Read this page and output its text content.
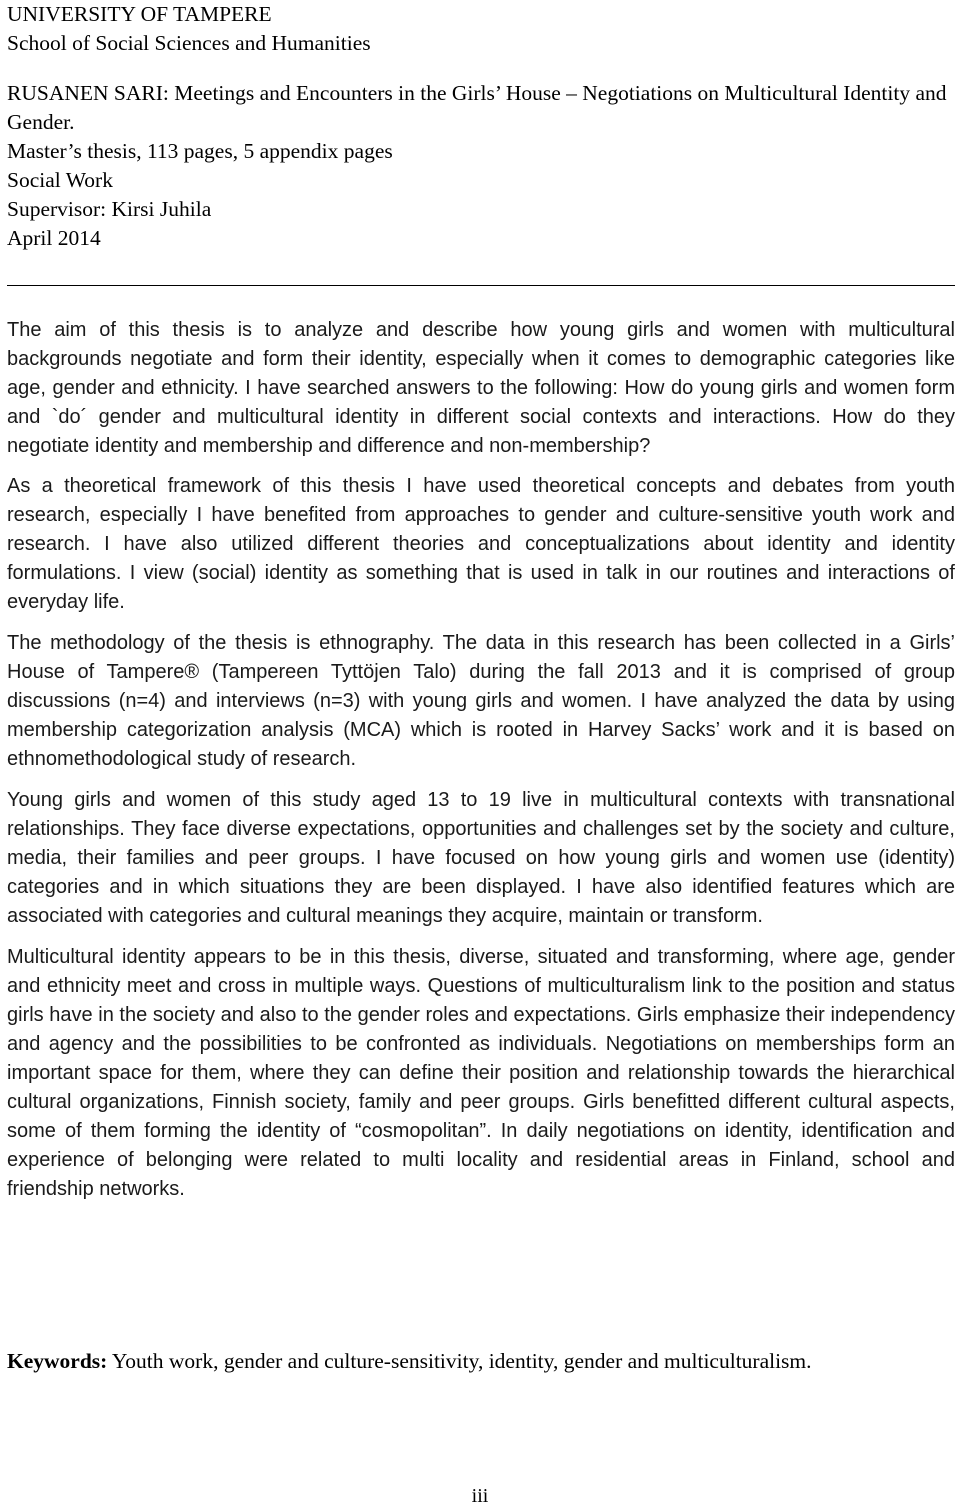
UNIVERSITY OF TAMPERE
School of Social Sciences and Humanities
RUSANEN SARI: Meetings and Encounters in the Girls’ House – Negotiations on Multicultural Identity and Gender.
Master’s thesis, 113 pages, 5 appendix pages
Social Work
Supervisor: Kirsi Juhila
April 2014

The aim of this thesis is to analyze and describe how young girls and women with multicultural backgrounds negotiate and form their identity, especially when it comes to demographic categories like age, gender and ethnicity. I have searched answers to the following: How do young girls and women form and `do´ gender and multicultural identity in different social contexts and interactions. How do they negotiate identity and membership and difference and non-membership?

As a theoretical framework of this thesis I have used theoretical concepts and debates from youth research, especially I have benefited from approaches to gender and culture-sensitive youth work and research. I have also utilized different theories and conceptualizations about identity and identity formulations. I view (social) identity as something that is used in talk in our routines and interactions of everyday life.

The methodology of the thesis is ethnography. The data in this research has been collected in a Girls’ House of Tampere® (Tampereen Tyttöjen Talo) during the fall 2013 and it is comprised of group discussions (n=4) and interviews (n=3) with young girls and women. I have analyzed the data by using membership categorization analysis (MCA) which is rooted in Harvey Sacks’ work and it is based on ethnomethodological study of research.

Young girls and women of this study aged 13 to 19 live in multicultural contexts with transnational relationships. They face diverse expectations, opportunities and challenges set by the society and culture, media, their families and peer groups. I have focused on how young girls and women use (identity) categories and in which situations they are been displayed. I have also identified features which are associated with categories and cultural meanings they acquire, maintain or transform.

Multicultural identity appears to be in this thesis, diverse, situated and transforming, where age, gender and ethnicity meet and cross in multiple ways. Questions of multiculturalism link to the position and status girls have in the society and also to the gender roles and expectations. Girls emphasize their independency and agency and the possibilities to be confronted as individuals. Negotiations on memberships form an important space for them, where they can define their position and relationship towards the hierarchical cultural organizations, Finnish society, family and peer groups. Girls benefitted different cultural aspects, some of them forming the identity of “cosmopolitan”. In daily negotiations on identity, identification and experience of belonging were related to multi locality and residential areas in Finland, school and friendship networks.

Keywords: Youth work, gender and culture-sensitivity, identity, gender and multiculturalism.
iii
